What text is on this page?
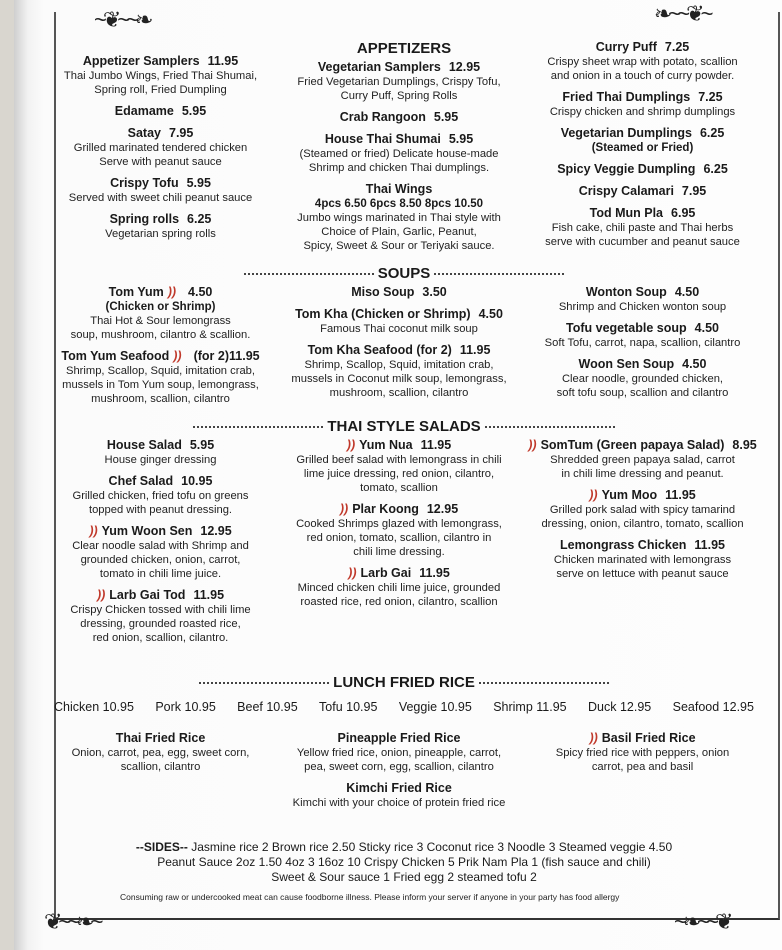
~❦~~❧	❧~~❦~
❦~~❧~	~❧~~❦
APPETIZERS
Appetizer Samplers 11.95
Thai Jumbo Wings, Fried Thai Shumai,
Spring roll, Fried Dumpling
Edamame 5.95
Satay 7.95
Grilled marinated tendered chicken
Serve with peanut sauce
Crispy Tofu 5.95
Served with sweet chili peanut sauce
Spring rolls 6.25
Vegetarian spring rolls
Vegetarian Samplers 12.95
Fried Vegetarian Dumplings, Crispy Tofu,
Curry Puff, Spring Rolls
Crab Rangoon 5.95
House Thai Shumai 5.95
(Steamed or fried) Delicate house-made
Shrimp and chicken Thai dumplings.
Thai Wings
4pcs 6.50 6pcs 8.50 8pcs 10.50
Jumbo wings marinated in Thai style with
Choice of Plain, Garlic, Peanut,
Spicy, Sweet & Sour or Teriyaki sauce.
Curry Puff 7.25
Crispy sheet wrap with potato, scallion
and onion in a touch of curry powder.
Fried Thai Dumplings 7.25
Crispy chicken and shrimp dumplings
Vegetarian Dumplings 6.25
(Steamed or Fried)
Spicy Veggie Dumpling 6.25
Crispy Calamari 7.95
Tod Mun Pla 6.95
Fish cake, chili paste and Thai herbs
serve with cucumber and peanut sauce
SOUPS
Tom Yum )) 4.50
(Chicken or Shrimp)
Thai Hot & Sour lemongrass
soup, mushroom, cilantro & scallion.
Tom Yum Seafood )) (for 2)11.95
Shrimp, Scallop, Squid, imitation crab,
mussels in Tom Yum soup, lemongrass,
mushroom, scallion, cilantro
Miso Soup 3.50
Tom Kha (Chicken or Shrimp) 4.50
Famous Thai coconut milk soup
Tom Kha Seafood (for 2) 11.95
Shrimp, Scallop, Squid, imitation crab,
mussels in Coconut milk soup, lemongrass,
mushroom, scallion, cilantro
Wonton Soup 4.50
Shrimp and Chicken wonton soup
Tofu vegetable soup 4.50
Soft Tofu, carrot, napa, scallion, cilantro
Woon Sen Soup 4.50
Clear noodle, grounded chicken,
soft tofu soup, scallion and cilantro
THAI STYLE SALADS
House Salad 5.95
House ginger dressing
Chef Salad 10.95
Grilled chicken, fried tofu on greens
topped with peanut dressing.
)) Yum Woon Sen 12.95
Clear noodle salad with Shrimp and
grounded chicken, onion, carrot,
tomato in chili lime juice.
)) Larb Gai Tod 11.95
Crispy Chicken tossed with chili lime
dressing, grounded roasted rice,
red onion, scallion, cilantro.
)) Yum Nua 11.95
Grilled beef salad with lemongrass in chili
lime juice dressing, red onion, cilantro,
tomato, scallion
)) Plar Koong 12.95
Cooked Shrimps glazed with lemongrass,
red onion, tomato, scallion, cilantro in
chili lime dressing.
)) Larb Gai 11.95
Minced chicken chili lime juice, grounded
roasted rice, red onion, cilantro, scallion
)) SomTum (Green papaya Salad) 8.95
Shredded green papaya salad, carrot
in chili lime dressing and peanut.
)) Yum Moo 11.95
Grilled pork salad with spicy tamarind
dressing, onion, cilantro, tomato, scallion
Lemongrass Chicken 11.95
Chicken marinated with lemongrass
serve on lettuce with peanut sauce
LUNCH FRIED RICE
Chicken 10.95 Pork 10.95 Beef 10.95 Tofu 10.95 Veggie 10.95 Shrimp 11.95 Duck 12.95 Seafood 12.95
Thai Fried Rice
Onion, carrot, pea, egg, sweet corn,
scallion, cilantro
Pineapple Fried Rice
Yellow fried rice, onion, pineapple, carrot,
pea, sweet corn, egg, scallion, cilantro
Kimchi Fried Rice
Kimchi with your choice of protein fried rice
)) Basil Fried Rice
Spicy fried rice with peppers, onion
carrot, pea and basil
--SIDES-- Jasmine rice 2 Brown rice 2.50 Sticky rice 3 Coconut rice 3 Noodle 3 Steamed veggie 4.50
Peanut Sauce 2oz 1.50 4oz 3 16oz 10 Crispy Chicken 5 Prik Nam Pla 1 (fish sauce and chili)
Sweet & Sour sauce 1 Fried egg 2 steamed tofu 2
Consuming raw or undercooked meat can cause foodborne illness. Please inform your server if anyone in your party has food allergy
